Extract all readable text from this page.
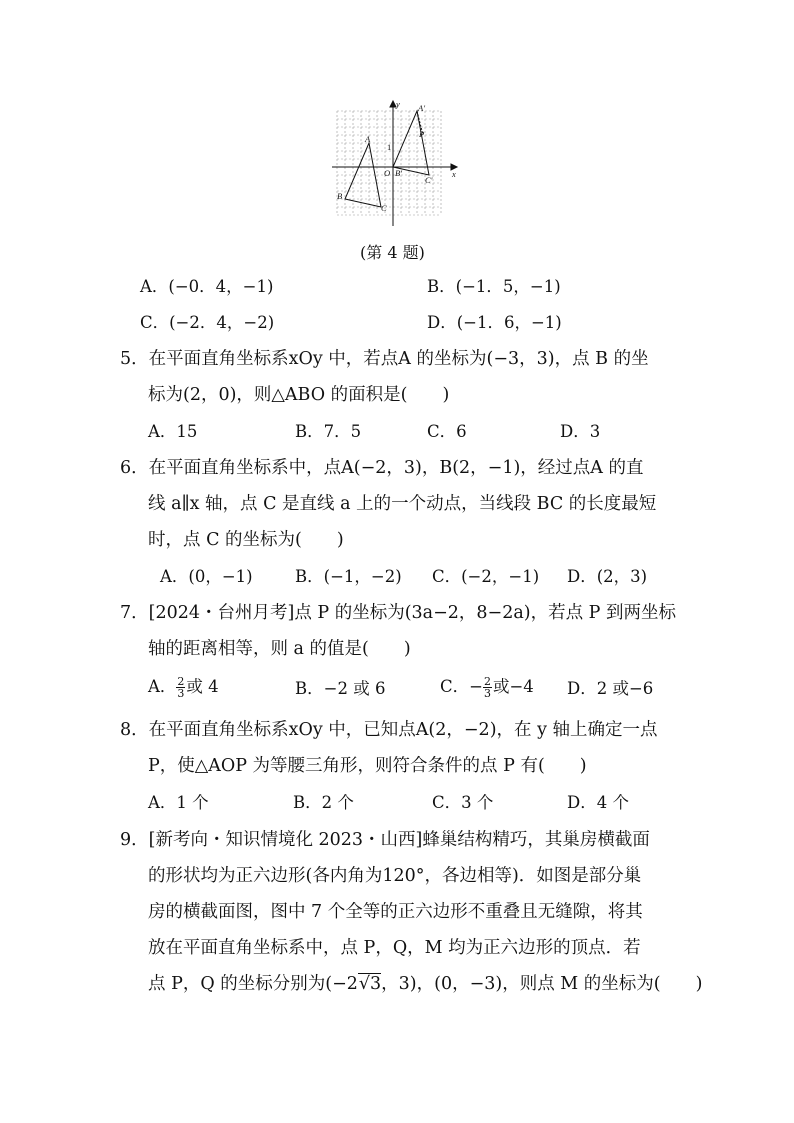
x
y
O
1
A
B
C
A'
P
B'
C'
(第 4 题)
A．(−0．4，−1)	B．(−1．5，−1)
C．(−2．4，−2)	D．(−1．6，−1)
5．在平面直角坐标系xOy 中，若点A 的坐标为(−3，3)，点 B 的坐
标为(2，0)，则△ABO 的面积是(　　)
A．15	B．7．5	C．6	D．3
6．在平面直角坐标系中，点A(−2，3)，B(2，−1)，经过点A 的直
线 a∥x 轴，点 C 是直线 a 上的一个动点，当线段 BC 的长度最短
时，点 C 的坐标为(　　)
A．(0，−1)	B．(−1，−2) C．(−2，−1) D．(2，3)
7．[2024・台州月考]点 P 的坐标为(3a−2，8−2a)，若点 P 到两坐标
轴的距离相等，则 a 的值是(　　)
A． $\frac{2}{3}$ 或 4	B．−2 或 6	C．− $\frac{2}{3}$ 或−4 D．2 或−6
8．在平面直角坐标系xOy 中，已知点A(2，−2)，在 y 轴上确定一点
P，使△AOP 为等腰三角形，则符合条件的点 P 有(　　)
A．1 个	B．2 个	C．3 个	D．4 个
9．[新考向・知识情境化 2023・山西]蜂巢结构精巧，其巢房横截面
的形状均为正六边形(各内角为120°，各边相等)．如图是部分巢
房的横截面图，图中 7 个全等的正六边形不重叠且无缝隙，将其
放在平面直角坐标系中，点 P，Q，M 均为正六边形的顶点．若
点 P，Q 的坐标分别为(−2√3，3)，(0，−3)，则点 M 的坐标为(　　)
